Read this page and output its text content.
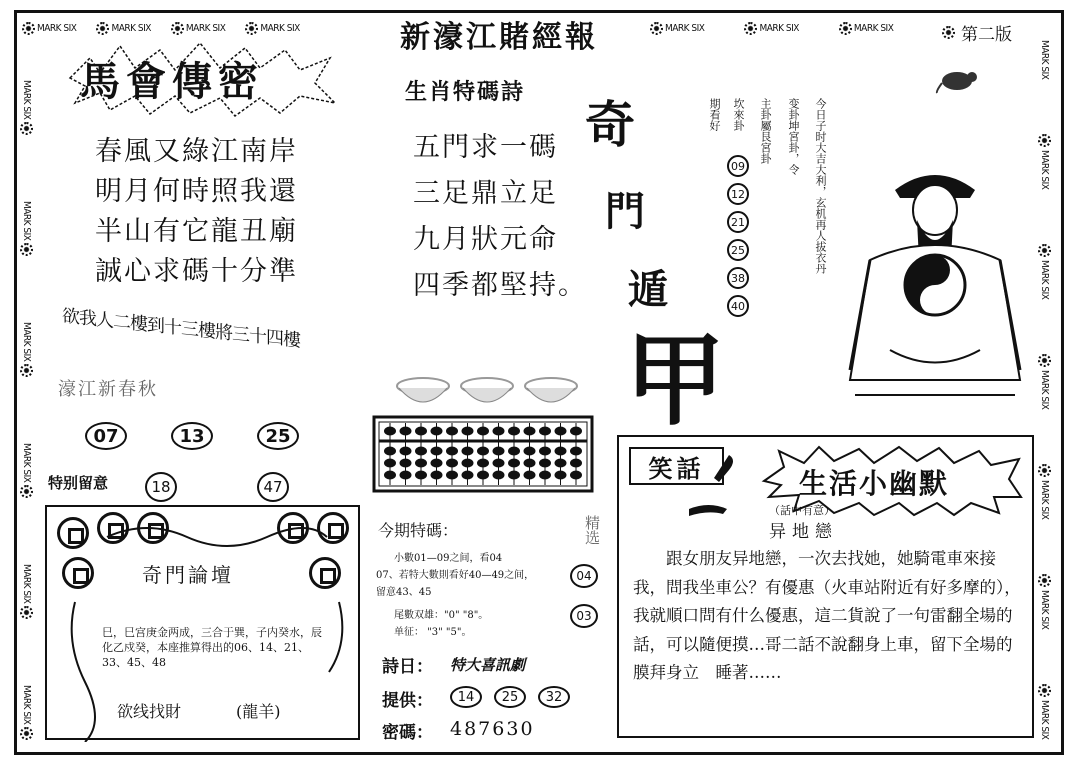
MARK SIX	MARK SIX	MARK SIX	MARK SIX	新濠江賭經報	MARK SIX	MARK SIX	MARK SIX	第二版
MARK SIX
MARK SIX
MARK SIX
MARK SIX
MARK SIX
MARK SIX
MARK SIX
MARK SIX
MARK SIX
MARK SIX
MARK SIX
MARK SIX
MARK SIX
馬會傳密
春風又綠江南岸
明月何時照我還
半山有它龍丑廟
誠心求碼十分準
欲我人二樓到十三樓將三十四樓
濠江新春秋
07	13	25
特别留意	18	47
奇門論壇
巳，巳宫庚金两成，三合于巽，子内癸水，辰化乙戍癸，本座推算得出的06、14、21、33、45、48
欲线找財	(龍羊)
生肖特碼詩
五門求一碼
三足鼎立足
九月狀元命
四季都堅持。
奇
門
遁
甲
期看好 坎來卦 主卦屬艮宮卦 变卦坤宮卦，令 今日子时大吉大利，玄机再人拔衣丹
09
12
21
25
38
40
今期特碼：	精选
小數01—09之间，看04
07、若特大數則看好40—49之间，
留意43、45
尾數双雄："0" "8"。
单征： "3" "5"。
04
03
詩日： 特大喜訊劇
提供：	14	25	32
密碼： 487630
笑話	生活小幽默
（話中有意）
异地戀
跟女朋友异地戀，一次去找她，她騎電車來接我，問我坐車公？有優惠（火車站附近有好多摩的），我就順口問有什么優惠，這二貨說了一句雷翻全場的話，可以隨便摸…哥二話不說翻身上車，留下全場的膜拜身立　睡著……
